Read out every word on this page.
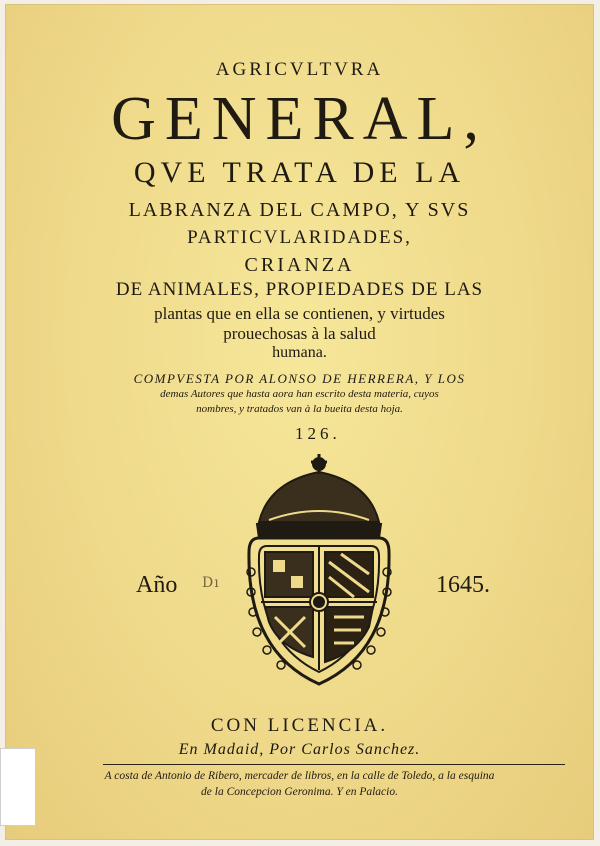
AGRICVLTVRA
GENERAL,
QVE TRATA DE LA
LABRANZA DEL CAMPO, Y SVS
PARTICVLARIDADES,
CRIANZA
DE ANIMALES, PROPIEDADES DE LAS
plantas que en ella se contienen, y virtudes
prouechosas à la salud
humana.
COMPVESTA POR ALONSO DE HERRERA, Y LOS
demas Autores que hasta aora han escrito desta materia, cuyos
nombres, y tratados van à la bueita desta hoja.
126.
Año Dı	1645.
CON LICENCIA.
En Madaid, Por Carlos Sanchez.
A costa de Antonio de Ribero, mercader de libros, en la calle de Toledo, a la esquina
de la Concepcion Geronima. Y en Palacio.
